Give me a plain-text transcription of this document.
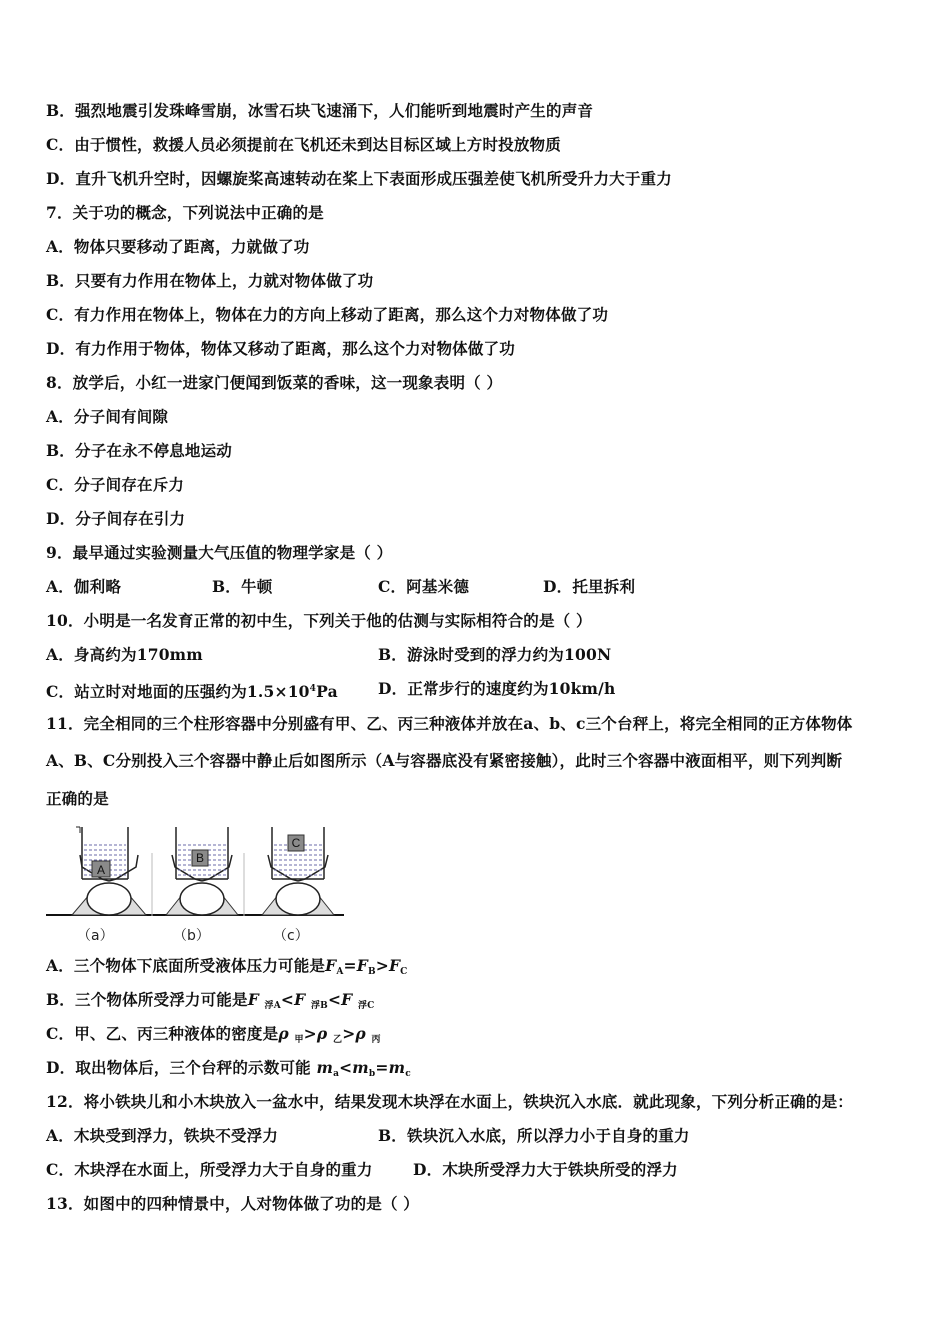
B．强烈地震引发珠峰雪崩，冰雪石块飞速涌下，人们能听到地震时产生的声音
C．由于惯性，救援人员必须提前在飞机还未到达目标区域上方时投放物质
D．直升飞机升空时，因螺旋桨高速转动在桨上下表面形成压强差使飞机所受升力大于重力
7．关于功的概念，下列说法中正确的是
A．物体只要移动了距离，力就做了功
B．只要有力作用在物体上，力就对物体做了功
C．有力作用在物体上，物体在力的方向上移动了距离，那么这个力对物体做了功
D．有力作用于物体，物体又移动了距离，那么这个力对物体做了功
8．放学后，小红一进家门便闻到饭菜的香味，这一现象表明（ ）
A．分子间有间隙
B．分子在永不停息地运动
C．分子间存在斥力
D．分子间存在引力
9．最早通过实验测量大气压值的物理学家是（ ）
A．伽利略	B．牛顿	C．阿基米德	D．托里拆利
10．小明是一名发育正常的初中生，下列关于他的估测与实际相符合的是（ ）
A．身高约为170mm	B．游泳时受到的浮力约为100N
C．站立时对地面的压强约为$1.5\times 10^4Pa$	D．正常步行的速度约为10km/h
11．完全相同的三个柱形容器中分别盛有甲、乙、丙三种液体并放在a、b、c三个台秤上，将完全相同的正方体物体
A、B、C分别投入三个容器中静止后如图所示（A与容器底没有紧密接触），此时三个容器中液面相平，则下列判断
正确的是
A
B
C
（a）	（b）	（c）
A．三个物体下底面所受液体压力可能是$F_A=F_B>F_C$
B．三个物体所受浮力可能是F $_{浮A}$<F $_{浮B}$<F $_{浮C}$
C．甲、乙、丙三种液体的密度是ρ $_甲$>ρ $_乙$>ρ $_丙$
D．取出物体后，三个台秤的示数可能 $m_a<m_b=m_c$
12．将小铁块儿和小木块放入一盆水中，结果发现木块浮在水面上，铁块沉入水底．就此现象，下列分析正确的是：
A．木块受到浮力，铁块不受浮力	B．铁块沉入水底，所以浮力小于自身的重力
C．木块浮在水面上，所受浮力大于自身的重力	D．木块所受浮力大于铁块所受的浮力
13．如图中的四种情景中，人对物体做了功的是（ ）
